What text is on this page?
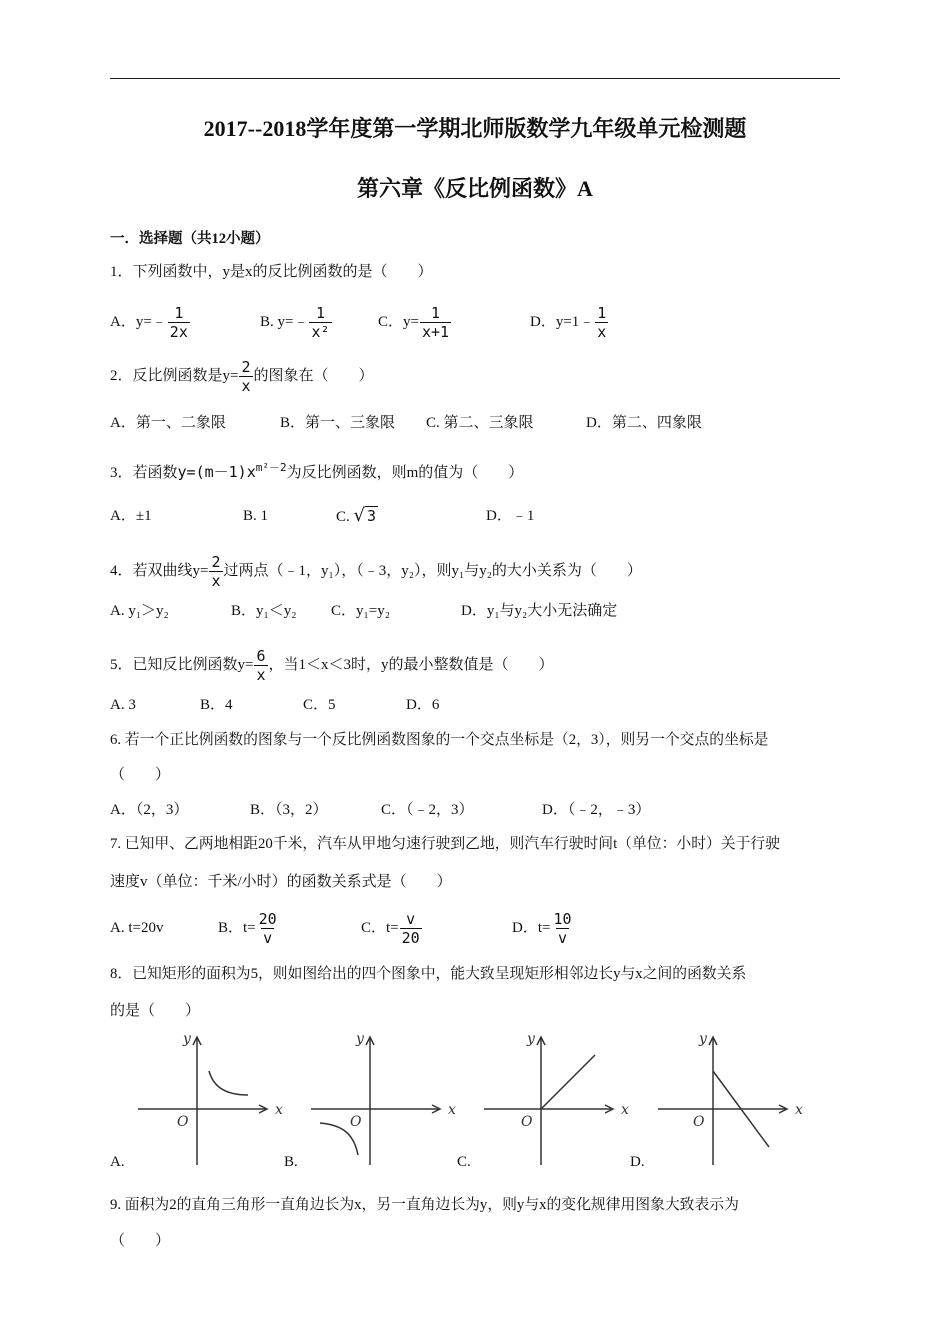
2017--2018学年度第一学期北师版数学九年级单元检测题
第六章《反比例函数》A
一．选择题（共12小题）
1．下列函数中，y是x的反比例函数的是（　　）
A．y=﹣ $\frac{1}{2x}$	B. y=﹣ $\frac{1}{\text{x²}}$	C．$y= \frac{1}{x+1}$	D．y=1﹣ $\frac{1}{x}$
2．反比例函数是$y= \frac{2}{x}$ 的图象在（　　）
A．第一、二象限	B．第一、三象限 C. 第二、三象限	D．第二、四象限
3．若函数$y=(m-1)x^{m^2-2}$为反比例函数，则m的值为（　　）
A．±1	B. 1	C. √ 3	D．﹣1
4．若双曲线$y= \frac{2}{x}$ 过两点（﹣1，y₁），（﹣3，y₂），则y₁与y₂的大小关系为（　　）
A. y₁＞y₂	B．y₁＜y₂ C．y₁=y₂	D．y₁与y₂大小无法确定
5．已知反比例函数$y= \frac{6}{x}$ ，当1＜x＜3时，y的最小整数值是（　　）
A. 3	B．4	C．5	D．6
6. 若一个正比例函数的图象与一个反比例函数图象的一个交点坐标是（2，3），则另一个交点的坐标是
（　　）
A．（2，3）	B．（3，2）	C．（﹣2，3）	D．（﹣2，﹣3）
7. 已知甲、乙两地相距20千米，汽车从甲地匀速行驶到乙地，则汽车行驶时间t（单位：小时）关于行驶
速度v（单位：千米/小时）的函数关系式是（　　）
A. t=20v	B．$t= \frac{20}{v}$	C．$t= \frac{v}{20}$	D．$t= \frac{10}{v}$
8．已知矩形的面积为5，则如图给出的四个图象中，能大致呈现矩形相邻边长y与x之间的函数关系
的是（　　）
x
y
O
x
y
O
x
y
O
x
y
O
A.	B.	C.	D.
9. 面积为2的直角三角形一直角边长为x，另一直角边长为y，则y与x的变化规律用图象大致表示为
（　　）
